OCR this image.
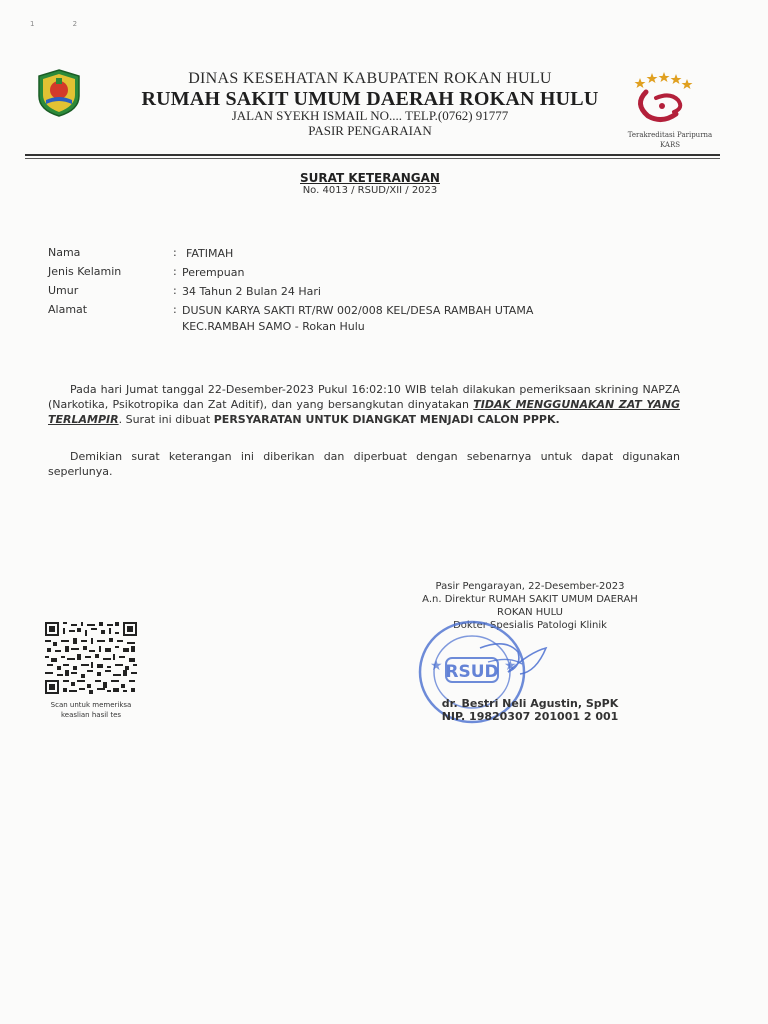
1 2
DINAS KESEHATAN KABUPATEN ROKAN HULU
RUMAH SAKIT UMUM DAERAH ROKAN HULU
JALAN SYEKH ISMAIL NO.... TELP.(0762) 91777
PASIR PENGARAIAN	Terakreditasi Paripurna
KARS
SURAT KETERANGAN
No. 4013 / RSUD/XII / 2023
Nama	: FATIMAH
Jenis Kelamin	: Perempuan
Umur	: 34 Tahun 2 Bulan 24 Hari
Alamat	: DUSUN KARYA SAKTI RT/RW 002/008 KEL/DESA RAMBAH UTAMA
KEC.RAMBAH SAMO - Rokan Hulu
Pada hari Jumat tanggal 22-Desember-2023 Pukul 16:02:10 WIB telah dilakukan pemeriksaan skrining NAPZA (Narkotika, Psikotropika dan Zat Aditif), dan yang bersangkutan dinyatakan TIDAK MENGGUNAKAN ZAT YANG TERLAMPIR. Surat ini dibuat PERSYARATAN UNTUK DIANGKAT MENJADI CALON PPPK.
Demikian surat keterangan ini diberikan dan diperbuat dengan sebenarnya untuk dapat digunakan seperlunya.
Pasir Pengarayan, 22-Desember-2023
A.n. Direktur RUMAH SAKIT UMUM DAERAH
ROKAN HULU
Dokter Spesialis Patologi Klinik
RSUD
★	★
dr. Bestri Neli Agustin, SpPK
NIP. 19820307 201001 2 001
Scan untuk memeriksa
keaslian hasil tes
